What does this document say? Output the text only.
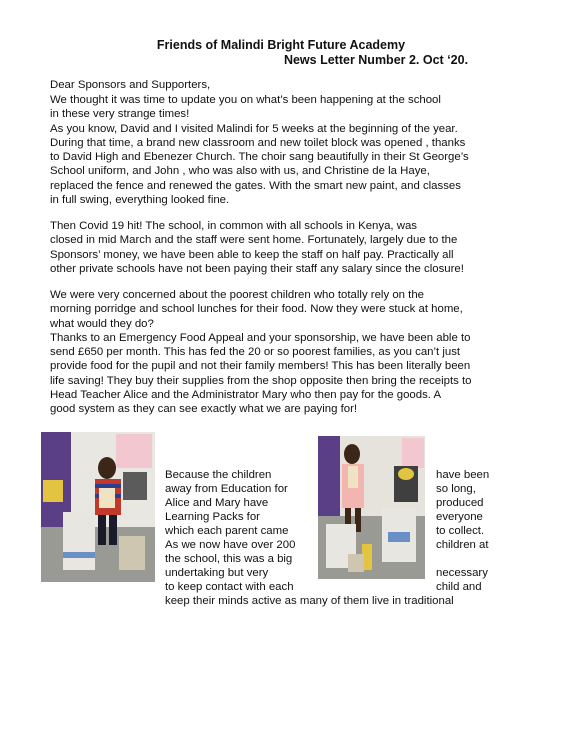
Friends of Malindi Bright Future Academy
News Letter Number 2. Oct ‘20.
Dear Sponsors and Supporters,
We thought it was time to update you on what’s been happening at the school
in these very strange times!
As you know, David and I visited Malindi for 5 weeks at the beginning of the year.
During that time, a brand new classroom and new toilet block was opened , thanks
to David High and Ebenezer Church. The choir sang beautifully in their St George’s
School uniform, and John , who was also with us, and Christine de la Haye,
replaced the fence and renewed the gates. With the smart new paint, and classes
in full swing, everything looked fine.
Then Covid 19 hit! The school, in common with all schools in Kenya, was
closed in mid March and the staff were sent home. Fortunately, largely due to the
Sponsors’ money, we have been able to keep the staff on half pay. Practically all
other private schools have not been paying their staff any salary since the closure!
We were very concerned about the poorest children who totally rely on the
morning porridge and school lunches for their food. Now they were stuck at home,
what would they do?
Thanks to an Emergency Food Appeal and your sponsorship, we have been able to
send £650 per month. This has fed the 20 or so poorest families, as you can’t just
provide food for the pupil and not their family members! This has been literally been
life saving! They buy their supplies from the shop opposite then bring the receipts to
Head Teacher Alice and the Administrator Mary who then pay for the goods. A
good system as they can see exactly what we are paying for!
Because the children
away from Education for
Alice and Mary have
Learning Packs for
which each parent came
As we now have over 200
the school, this was a big
undertaking but very
to keep contact with each
keep their minds active as many of them live in traditional
have been
so long,
produced
everyone
to collect.
children at
necessary
child and
